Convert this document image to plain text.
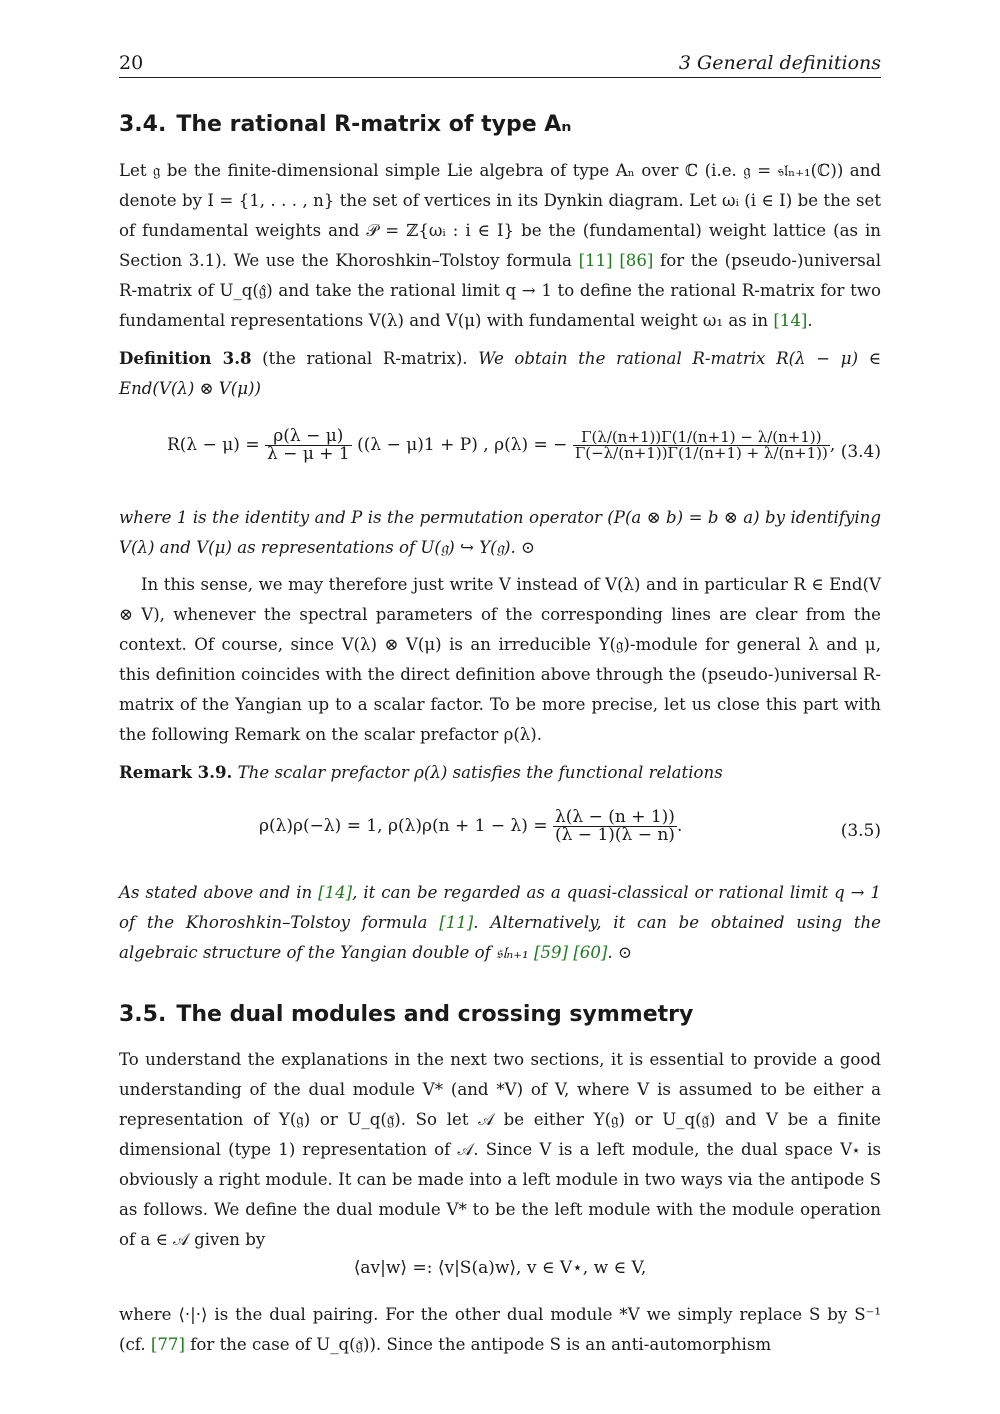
20	3 General definitions
3.4. The rational R-matrix of type Aₙ
Let 𝔤 be the finite-dimensional simple Lie algebra of type Aₙ over ℂ (i.e. 𝔤 = 𝔰𝔩ₙ₊₁(ℂ)) and denote by I = {1, . . . , n} the set of vertices in its Dynkin diagram. Let ωᵢ (i ∈ I) be the set of fundamental weights and 𝒫 = ℤ{ωᵢ : i ∈ I} be the (fundamental) weight lattice (as in Section 3.1). We use the Khoroshkin–Tolstoy formula [11] [86] for the (pseudo-)universal R-matrix of U_q(𝔤̂) and take the rational limit q → 1 to define the rational R-matrix for two fundamental representations V(λ) and V(μ) with fundamental weight ω₁ as in [14].
Definition 3.8 (the rational R-matrix). We obtain the rational R-matrix R(λ − μ) ∈ End(V(λ) ⊗ V(μ))
$R(\lambda - \mu) = \frac{\rho(\lambda - \mu)}{\lambda - \mu + 1} ((\lambda - \mu)1 + P)$ , ρ(λ) = − $\frac{\Gamma(\lambda/(n+1))\Gamma(1/(n+1) - \lambda/(n+1))}{\Gamma(-\lambda/(n+1))\Gamma(1/(n+1) + \lambda/(n+1))}$ , (3.4)
where 1 is the identity and P is the permutation operator (P(a ⊗ b) = b ⊗ a) by identifying V(λ) and V(μ) as representations of U(𝔤) ↪ Y(𝔤). ⊙
In this sense, we may therefore just write V instead of V(λ) and in particular R ∈ End(V ⊗ V), whenever the spectral parameters of the corresponding lines are clear from the context. Of course, since V(λ) ⊗ V(μ) is an irreducible Y(𝔤)-module for general λ and μ, this definition coincides with the direct definition above through the (pseudo-)universal R-matrix of the Yangian up to a scalar factor. To be more precise, let us close this part with the following Remark on the scalar prefactor ρ(λ).
Remark 3.9. The scalar prefactor ρ(λ) satisfies the functional relations
ρ(λ)ρ(−λ) = 1, $\rho(\lambda)\rho(n + 1 - \lambda) = \frac{\lambda(\lambda - (n + 1))}{(\lambda - 1)(\lambda - n)}$ .	(3.5)
As stated above and in [14], it can be regarded as a quasi-classical or rational limit q → 1 of the Khoroshkin–Tolstoy formula [11]. Alternatively, it can be obtained using the algebraic structure of the Yangian double of 𝔰𝔩ₙ₊₁ [59] [60]. ⊙
3.5. The dual modules and crossing symmetry
To understand the explanations in the next two sections, it is essential to provide a good understanding of the dual module V* (and *V) of V, where V is assumed to be either a representation of Y(𝔤) or U_q(𝔤̃). So let 𝒜 be either Y(𝔤) or U_q(𝔤̃) and V be a finite dimensional (type 1) representation of 𝒜. Since V is a left module, the dual space V⋆ is obviously a right module. It can be made into a left module in two ways via the antipode S as follows. We define the dual module V* to be the left module with the module operation of a ∈ 𝒜 given by
⟨av|w⟩ =: ⟨v|S(a)w⟩, v ∈ V⋆, w ∈ V,
where ⟨·|·⟩ is the dual pairing. For the other dual module *V we simply replace S by S⁻¹ (cf. [77] for the case of U_q(𝔤̃)). Since the antipode S is an anti-automorphism
